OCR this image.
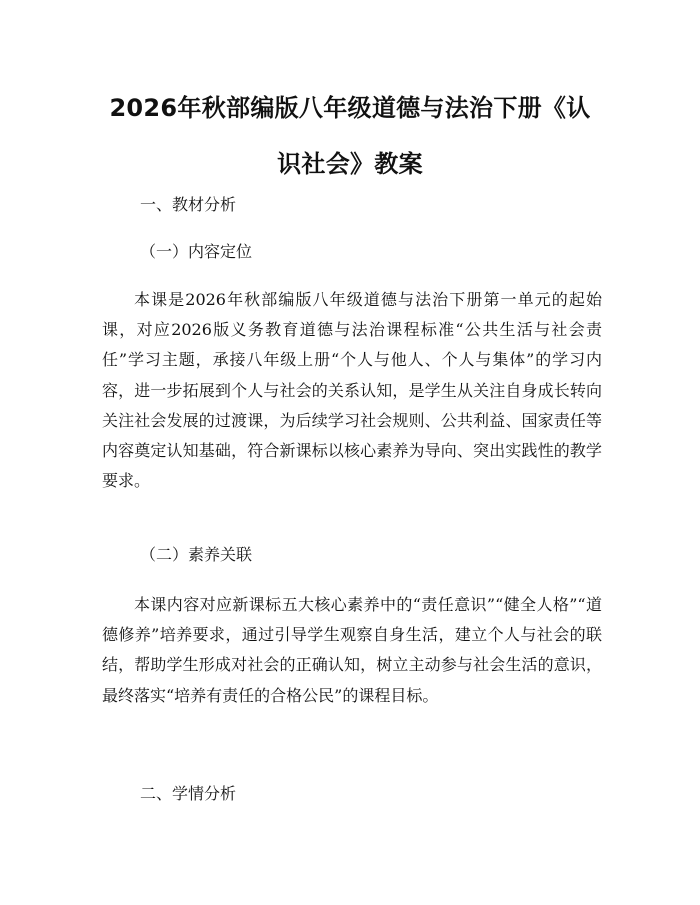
2026年秋部编版八年级道德与法治下册《认识社会》教案

一、教材分析

（一）内容定位

本课是2026年秋部编版八年级道德与法治下册第一单元的起始课，对应2026版义务教育道德与法治课程标准“公共生活与社会责任”学习主题，承接八年级上册“个人与他人、个人与集体”的学习内容，进一步拓展到个人与社会的关系认知，是学生从关注自身成长转向关注社会发展的过渡课，为后续学习社会规则、公共利益、国家责任等内容奠定认知基础，符合新课标以核心素养为导向、突出实践性的教学要求。

（二）素养关联

本课内容对应新课标五大核心素养中的“责任意识”“健全人格”“道德修养”培养要求，通过引导学生观察自身生活，建立个人与社会的联结，帮助学生形成对社会的正确认知，树立主动参与社会生活的意识，最终落实“培养有责任的合格公民”的课程目标。

二、学情分析
